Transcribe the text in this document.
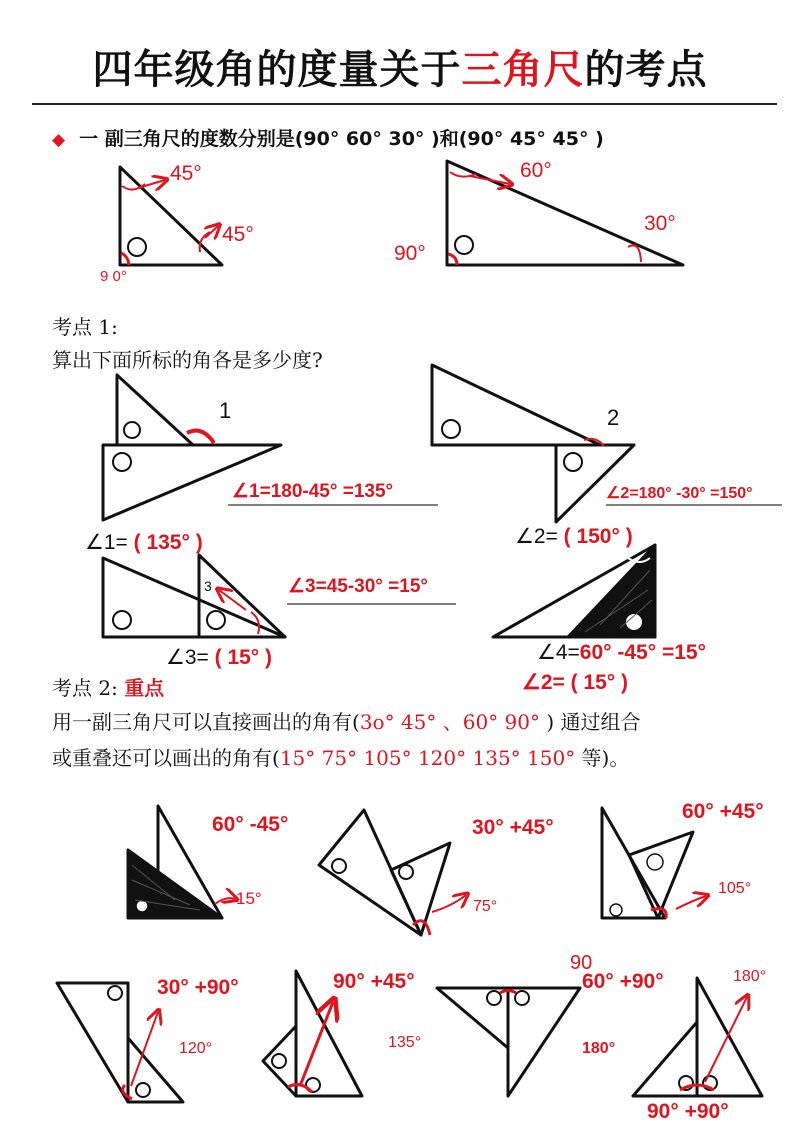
四年级角的度量关于三角尺的考点
◆ 一 副三角尺的度数分别是(90° 60° 30° )和(90° 45° 45° )
45°
45°
9 0°
60°
30°
90°
考点 1:
算出下面所标的角各是多少度?
1
∠1=180-45° =135°
∠1= ( 135° )
2
∠2=180° -30° =150°
∠2= ( 150° )
3	∠3=45-30° =15°
∠3= ( 15° )
4
∠4=60° -45° =15°
∠2= ( 15° )
考点 2: 重点
用一副三角尺可以直接画出的角有(3o° 45° 、60° 90° ) 通过组合
或重叠还可以画出的角有(15° 75° 105° 120° 135° 150° 等)。
60° -45°
15°
30° +45°
75°
60° +45°
105°
30° +90°
120°
90° +45°
135°
90
60° +90°
180°
180°
90° +90°
